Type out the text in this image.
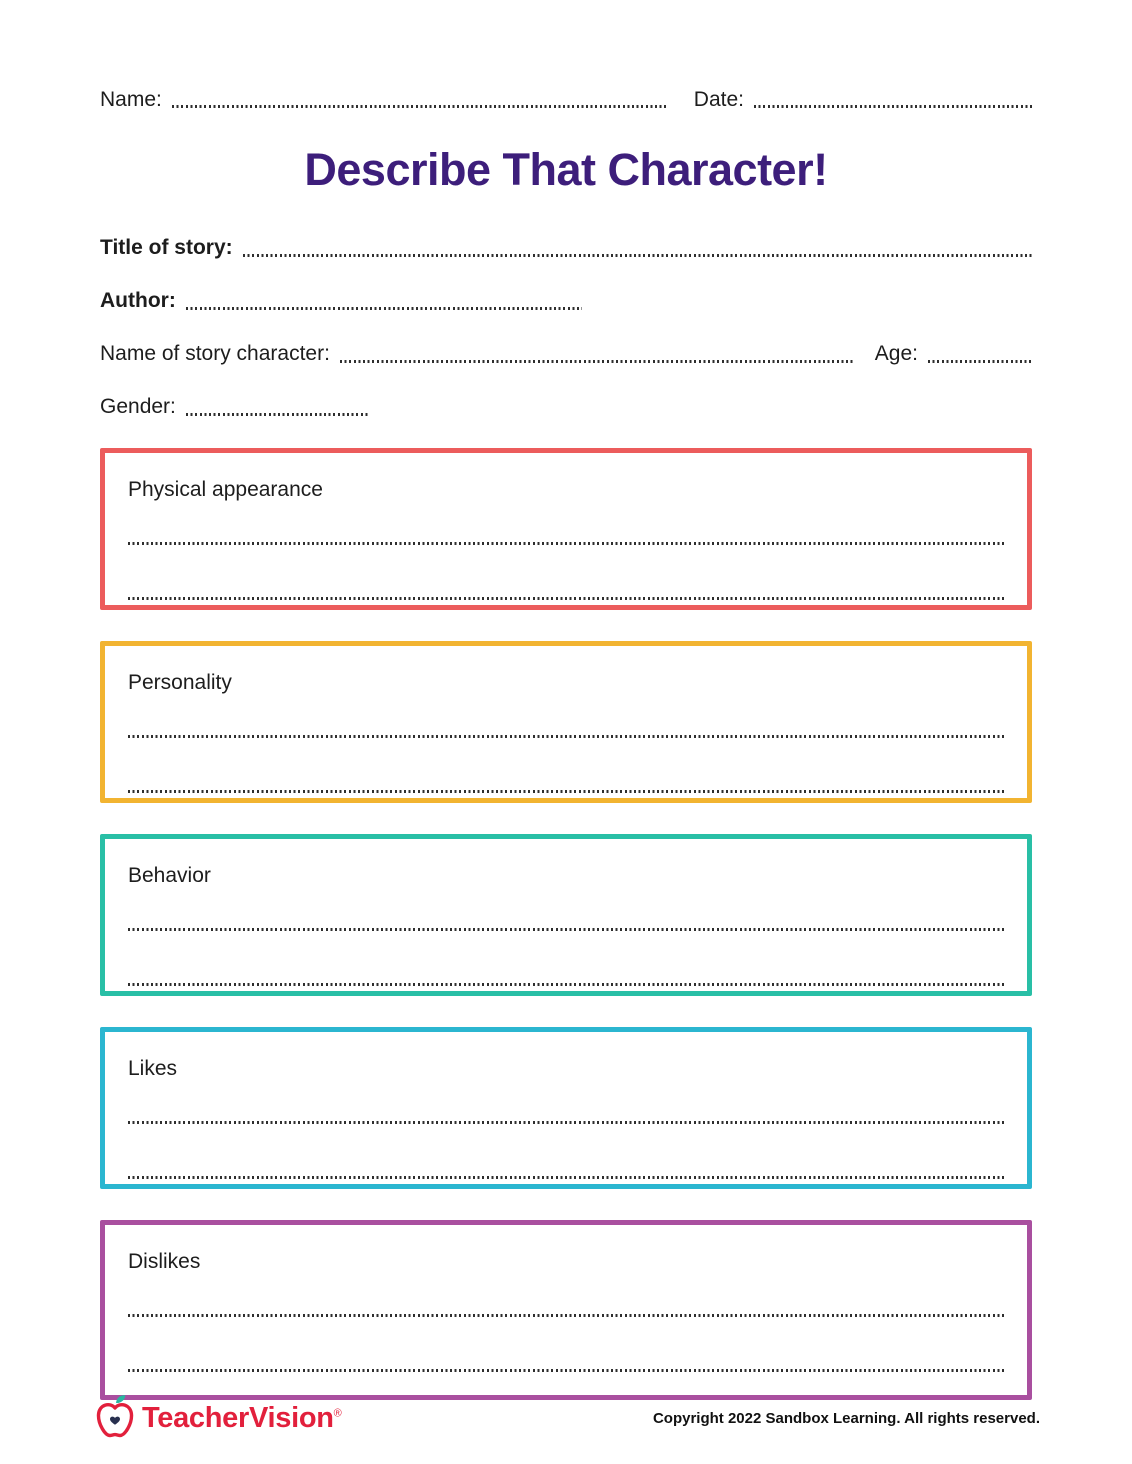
Name:	Date:
Describe That Character!
Title of story:
Author:
Name of story character:	Age:
Gender:
Physical appearance
Personality
Behavior
Likes
Dislikes
TeacherVision®	Copyright 2022 Sandbox Learning. All rights reserved.
